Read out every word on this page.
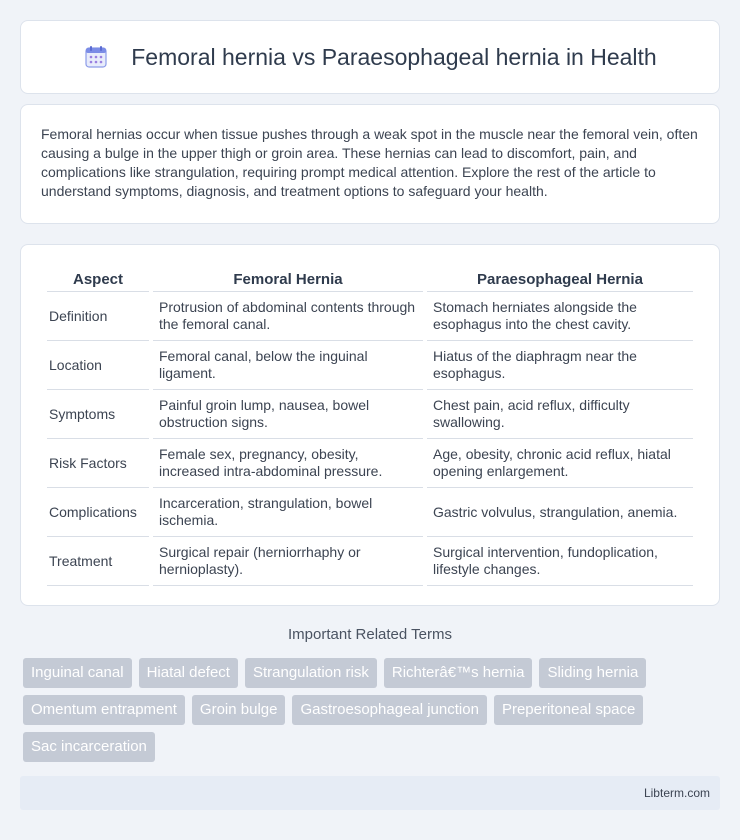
Femoral hernia vs Paraesophageal hernia in Health

Femoral hernias occur when tissue pushes through a weak spot in the muscle near the femoral vein, often causing a bulge in the upper thigh or groin area. These hernias can lead to discomfort, pain, and complications like strangulation, requiring prompt medical attention. Explore the rest of the article to understand symptoms, diagnosis, and treatment options to safeguard your health.

Aspect	Femoral Hernia	Paraesophageal Hernia
Definition	Protrusion of abdominal contents through the femoral canal.	Stomach herniates alongside the esophagus into the chest cavity.
Location	Femoral canal, below the inguinal ligament.	Hiatus of the diaphragm near the esophagus.
Symptoms	Painful groin lump, nausea, bowel obstruction signs.	Chest pain, acid reflux, difficulty swallowing.
Risk Factors	Female sex, pregnancy, obesity, increased intra-abdominal pressure.	Age, obesity, chronic acid reflux, hiatal opening enlargement.
Complications	Incarceration, strangulation, bowel ischemia.	Gastric volvulus, strangulation, anemia.
Treatment	Surgical repair (herniorrhaphy or hernioplasty).	Surgical intervention, fundoplication, lifestyle changes.
Important Related Terms
Inguinal canal	Hiatal defect	Strangulation risk	Richterâ€™s hernia	Sliding hernia
Omentum entrapment	Groin bulge	Gastroesophageal junction	Preperitoneal space
Sac incarceration
Libterm.com
